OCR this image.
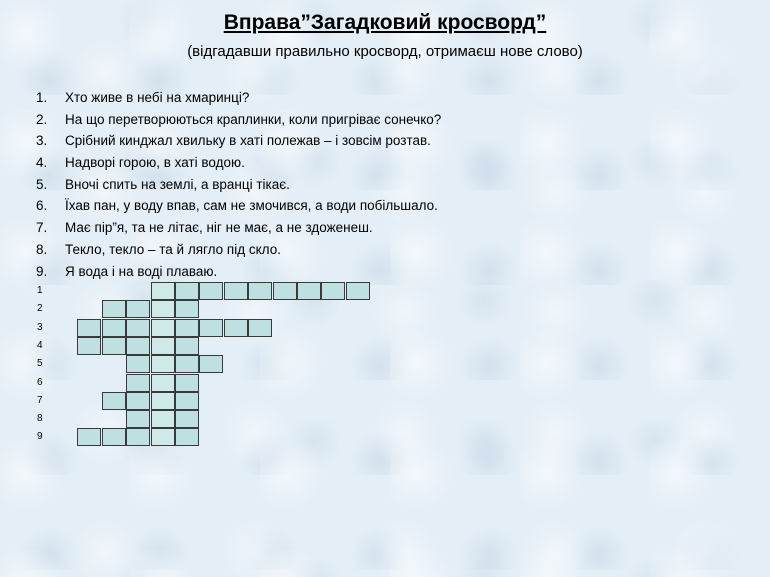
Вправа”Загадковий кросворд”
(відгадавши правильно кросворд, отримаєш нове слово)
1. Хто живе в небі на хмаринці?
2. На що перетворюються краплинки, коли пригріває сонечко?
3. Срібний кинджал хвильку в хаті полежав – і зовсім розтав.
4. Надворі горою, в хаті водою.
5. Вночі спить на землі, а вранці тікає.
6. Їхав пан, у воду впав, сам не змочився, а води побільшало.
7. Має пір”я, та не літає, ніг не має, а не здоженеш.
8. Текло, текло – та й лягло під скло.
9. Я вода і на воді плаваю.
1
2
3
4
5
6
7
8
9
